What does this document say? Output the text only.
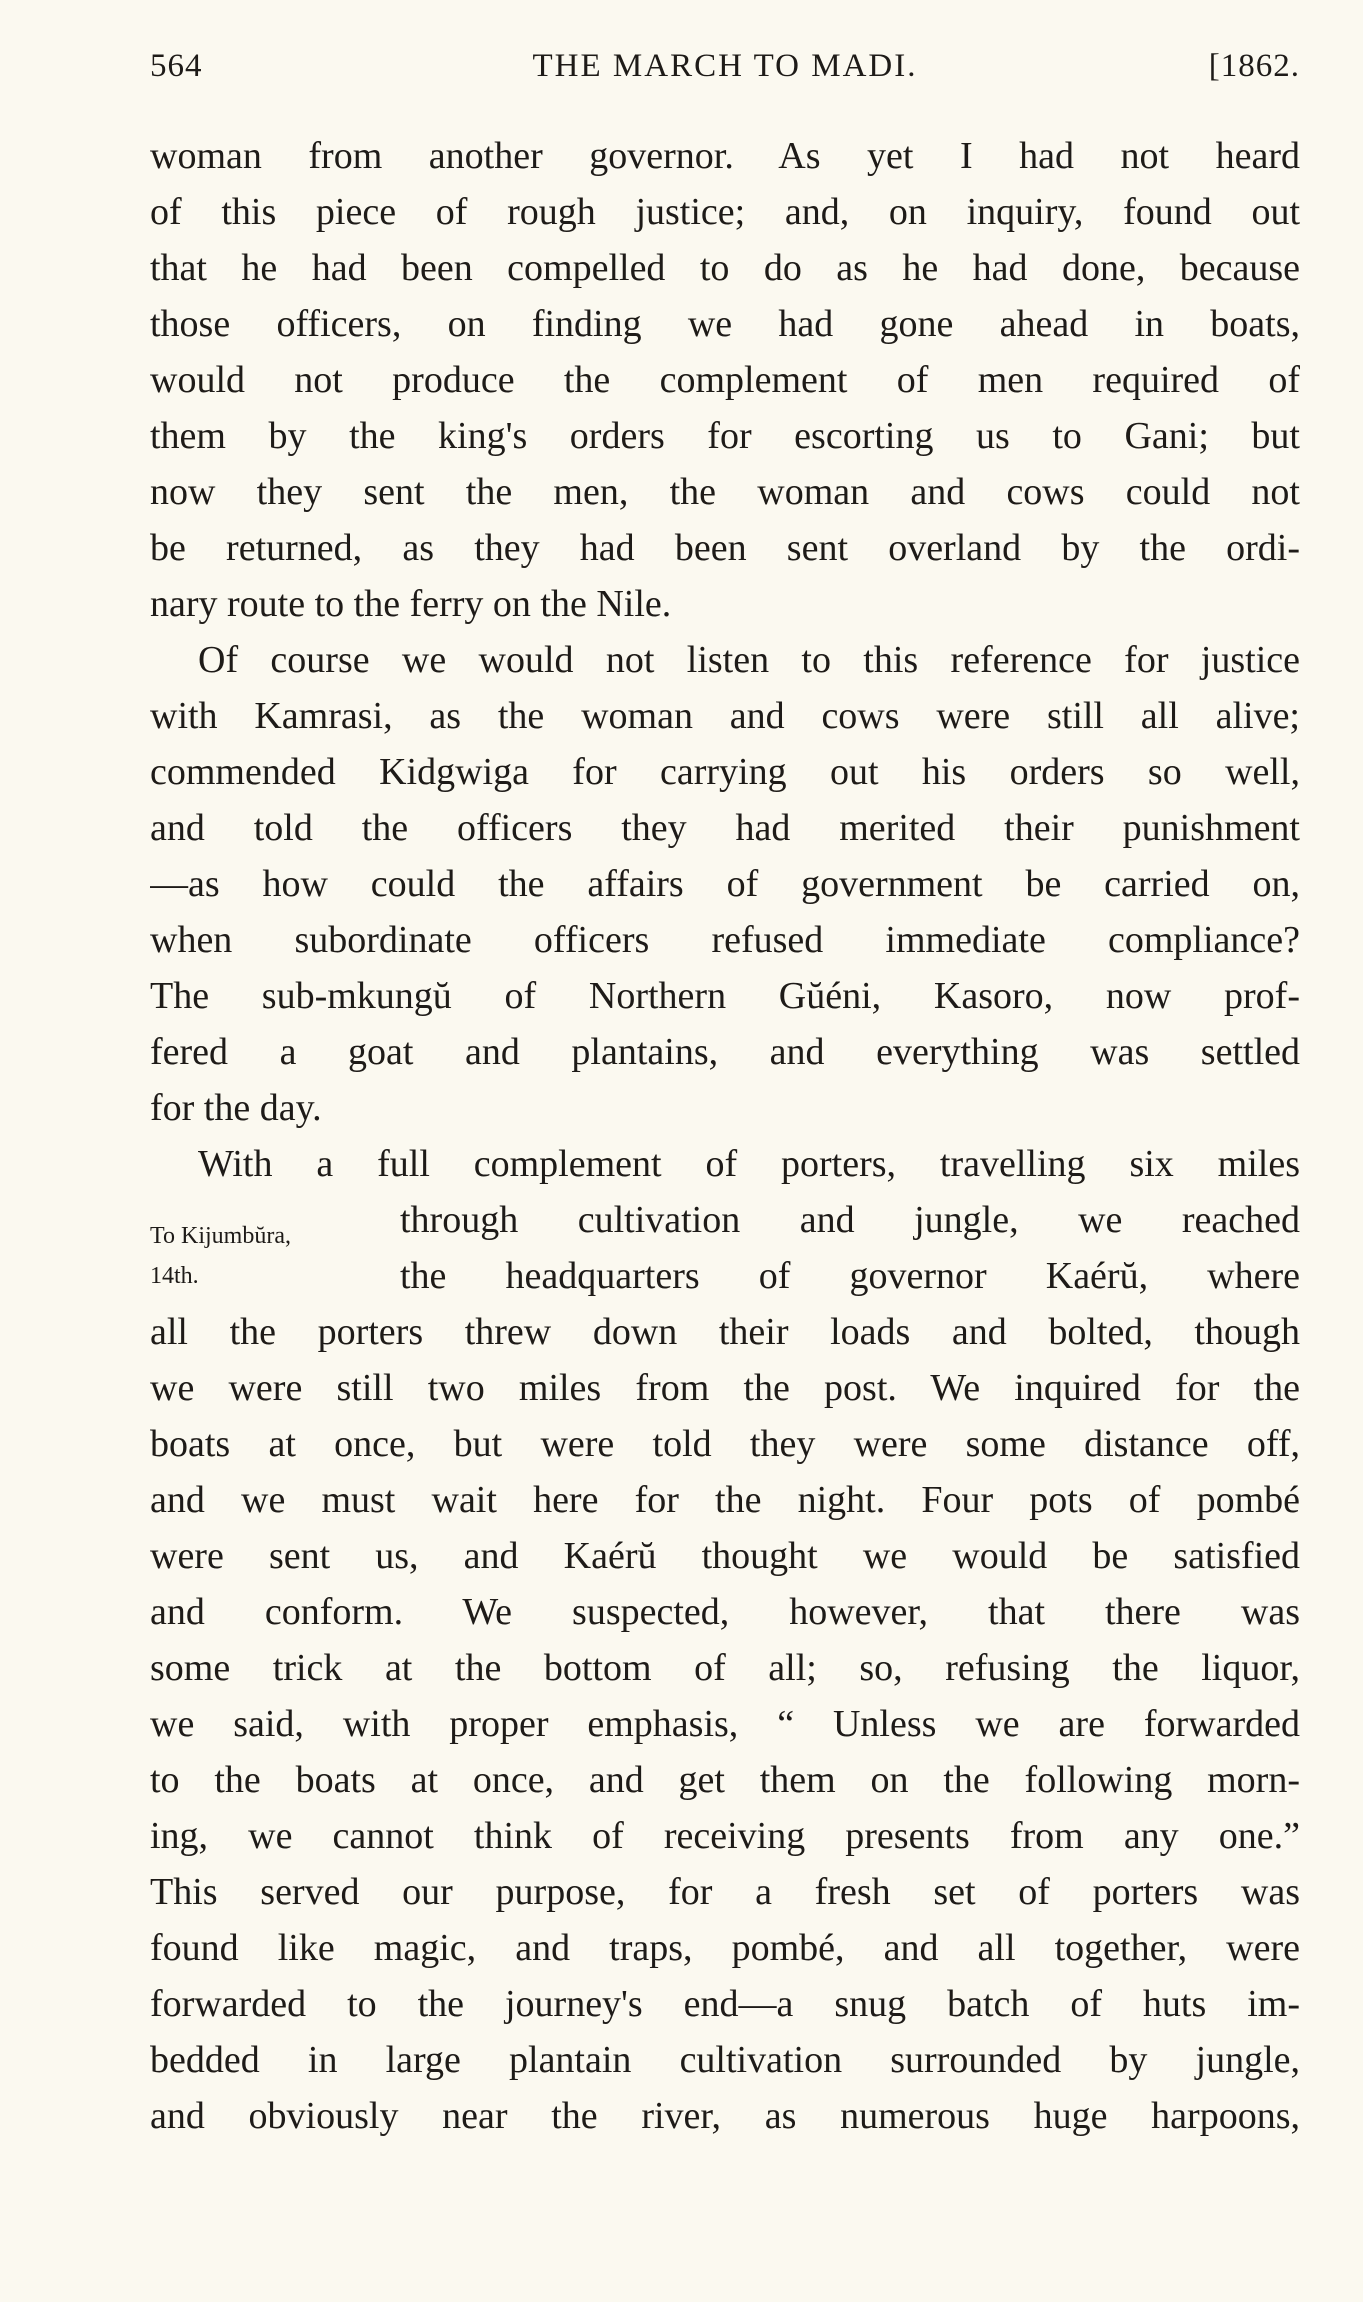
564	THE MARCH TO MADI.	[1862.
To Kijumbŭra,
14th.
woman from another governor. As yet I had not heard
of this piece of rough justice; and, on inquiry, found out
that he had been compelled to do as he had done, because
those officers, on finding we had gone ahead in boats,
would not produce the complement of men required of
them by the king's orders for escorting us to Gani; but
now they sent the men, the woman and cows could not
be returned, as they had been sent overland by the ordi-
nary route to the ferry on the Nile.
Of course we would not listen to this reference for justice
with Kamrasi, as the woman and cows were still all alive;
commended Kidgwiga for carrying out his orders so well,
and told the officers they had merited their punishment
—as how could the affairs of government be carried on,
when subordinate officers refused immediate compliance?
The sub-mkungŭ of Northern Gŭéni, Kasoro, now prof-
fered a goat and plantains, and everything was settled
for the day.
With a full complement of porters, travelling six miles
through cultivation and jungle, we reached
the headquarters of governor Kaérŭ, where
all the porters threw down their loads and bolted, though
we were still two miles from the post. We inquired for the
boats at once, but were told they were some distance off,
and we must wait here for the night. Four pots of pombé
were sent us, and Kaérŭ thought we would be satisfied
and conform. We suspected, however, that there was
some trick at the bottom of all; so, refusing the liquor,
we said, with proper emphasis, “ Unless we are forwarded
to the boats at once, and get them on the following morn-
ing, we cannot think of receiving presents from any one.”
This served our purpose, for a fresh set of porters was
found like magic, and traps, pombé, and all together, were
forwarded to the journey's end—a snug batch of huts im-
bedded in large plantain cultivation surrounded by jungle,
and obviously near the river, as numerous huge harpoons,
